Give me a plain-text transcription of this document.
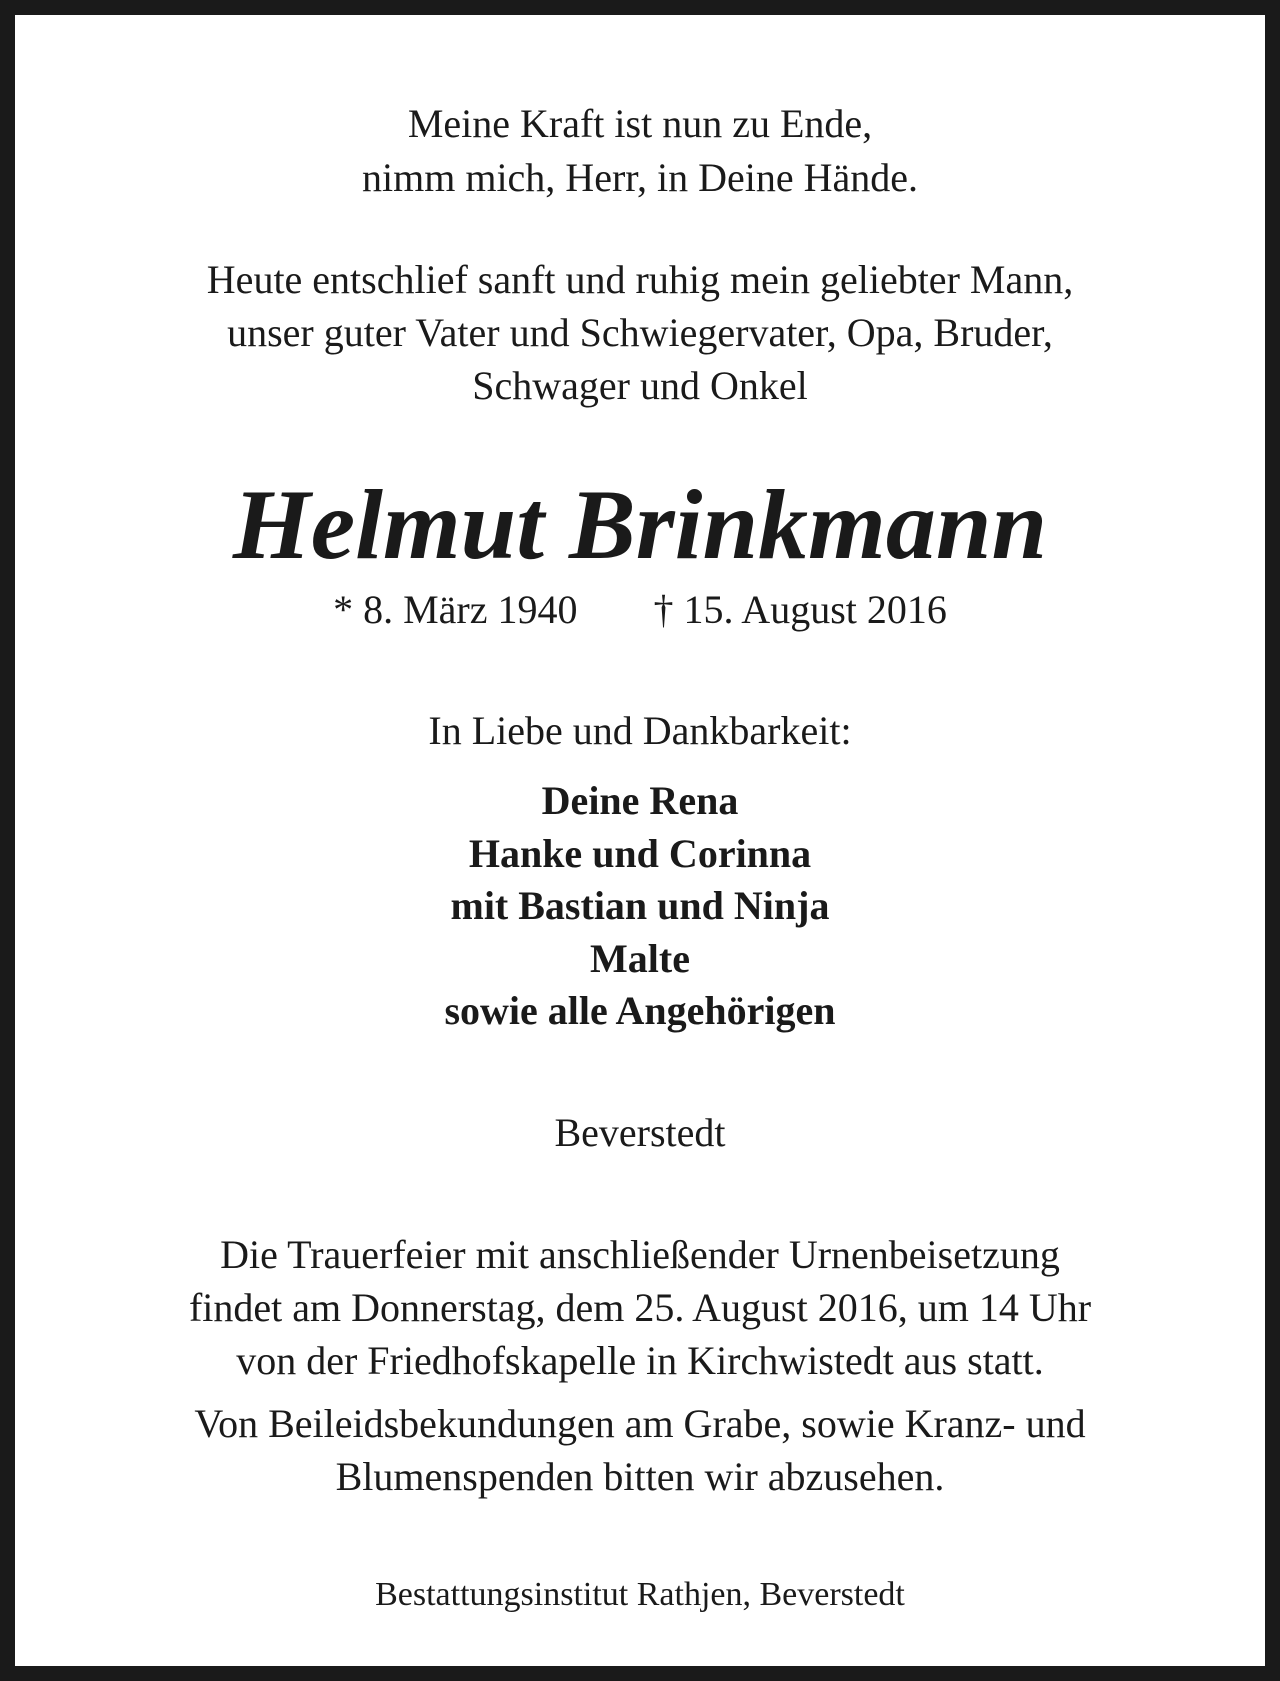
Meine Kraft ist nun zu Ende,
nimm mich, Herr, in Deine Hände.
Heute entschlief sanft und ruhig mein geliebter Mann,
unser guter Vater und Schwiegervater, Opa, Bruder,
Schwager und Onkel
Helmut Brinkmann
* 8. März 1940 † 15. August 2016
In Liebe und Dankbarkeit:
Deine Rena
Hanke und Corinna
mit Bastian und Ninja
Malte
sowie alle Angehörigen
Beverstedt
Die Trauerfeier mit anschließender Urnenbeisetzung
findet am Donnerstag, dem 25. August 2016, um 14 Uhr
von der Friedhofskapelle in Kirchwistedt aus statt.
Von Beileidsbekundungen am Grabe, sowie Kranz- und
Blumenspenden bitten wir abzusehen.
Bestattungsinstitut Rathjen, Beverstedt
